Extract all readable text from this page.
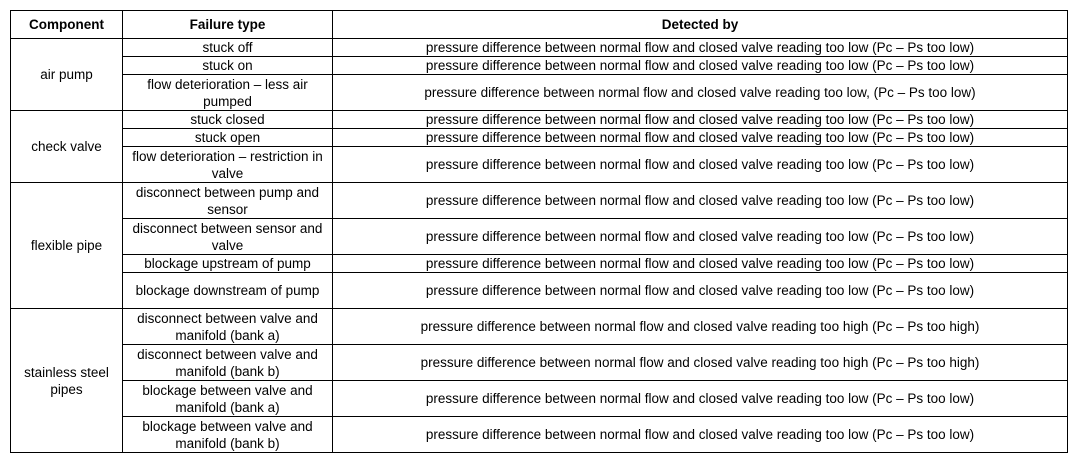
Component	Failure type	Detected by
air pump	stuck off	pressure difference between normal flow and closed valve reading too low (Pc – Ps too low)
	stuck on	pressure difference between normal flow and closed valve reading too low (Pc – Ps too low)
	flow deterioration – less air pumped	pressure difference between normal flow and closed valve reading too low, (Pc – Ps too low)
check valve	stuck closed	pressure difference between normal flow and closed valve reading too low (Pc – Ps too low)
	stuck open	pressure difference between normal flow and closed valve reading too low (Pc – Ps too low)
	flow deterioration – restriction in valve	pressure difference between normal flow and closed valve reading too low (Pc – Ps too low)
flexible pipe	disconnect between pump and sensor	pressure difference between normal flow and closed valve reading too low (Pc – Ps too low)
	disconnect between sensor and valve	pressure difference between normal flow and closed valve reading too low (Pc – Ps too low)
	blockage upstream of pump	pressure difference between normal flow and closed valve reading too low (Pc – Ps too low)
	blockage downstream of pump	pressure difference between normal flow and closed valve reading too low (Pc – Ps too low)
stainless steel pipes	disconnect between valve and manifold (bank a)	pressure difference between normal flow and closed valve reading too high (Pc – Ps too high)
	disconnect between valve and manifold (bank b)	pressure difference between normal flow and closed valve reading too high (Pc – Ps too high)
	blockage between valve and manifold (bank a)	pressure difference between normal flow and closed valve reading too low (Pc – Ps too low)
	blockage between valve and manifold (bank b)	pressure difference between normal flow and closed valve reading too low (Pc – Ps too low)
